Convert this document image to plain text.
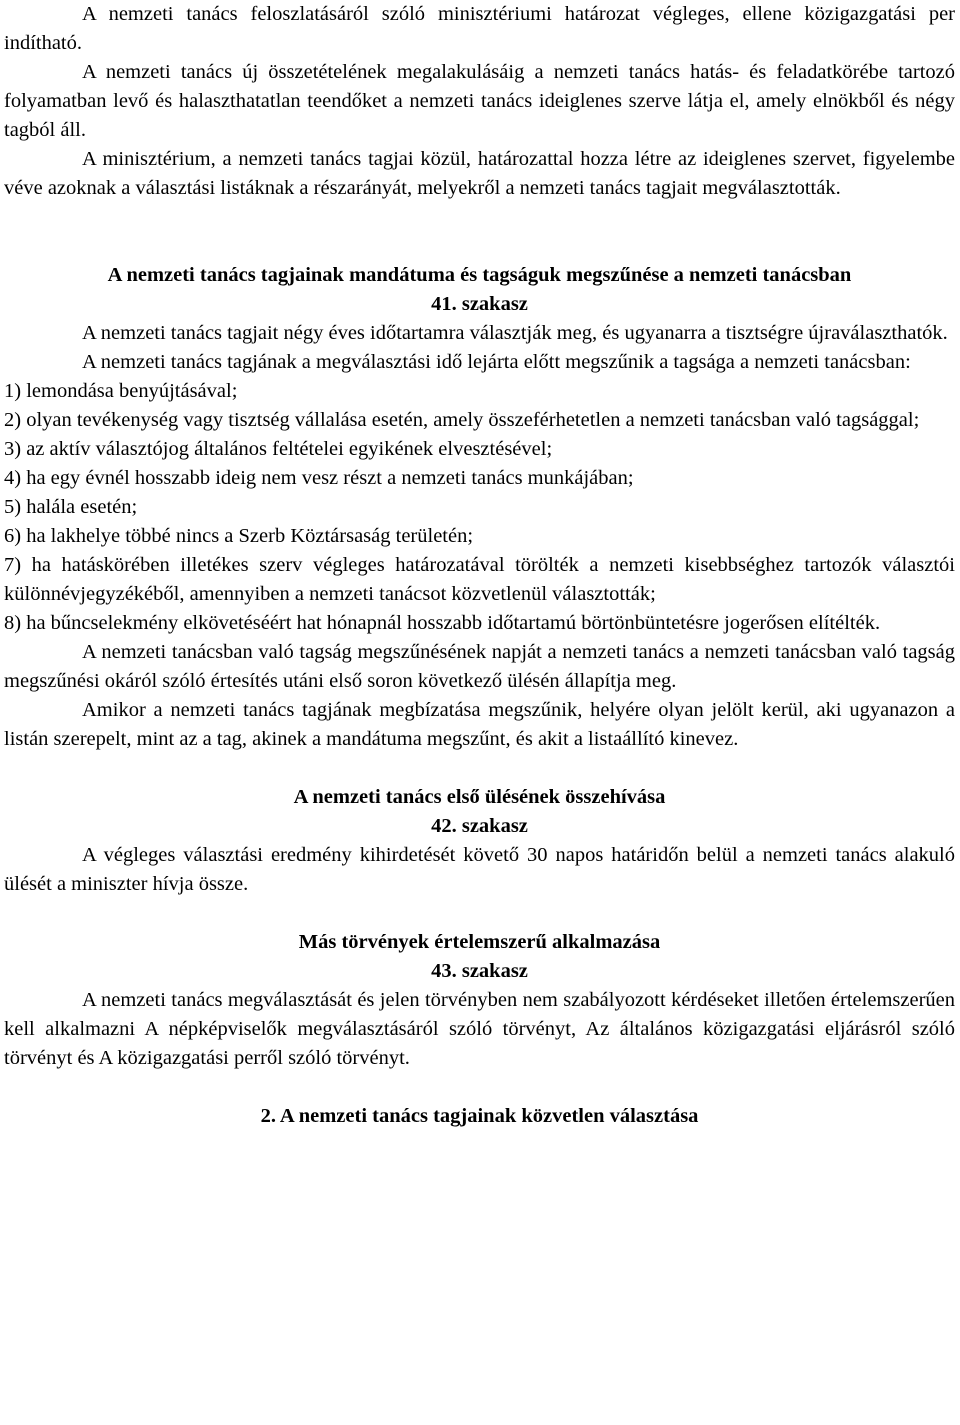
A nemzeti tanács feloszlatásáról szóló minisztériumi határozat végleges, ellene közigazgatási per indítható.

A nemzeti tanács új összetételének megalakulásáig a nemzeti tanács hatás- és feladatkörébe tartozó folyamatban levő és halaszthatatlan teendőket a nemzeti tanács ideiglenes szerve látja el, amely elnökből és négy tagból áll.

A minisztérium, a nemzeti tanács tagjai közül, határozattal hozza létre az ideiglenes szervet, figyelembe véve azoknak a választási listáknak a részarányát, melyekről a nemzeti tanács tagjait megválasztották.

A nemzeti tanács tagjainak mandátuma és tagságuk megszűnése a nemzeti tanácsban

41. szakasz

A nemzeti tanács tagjait négy éves időtartamra választják meg, és ugyanarra a tisztségre újraválaszthatók.

A nemzeti tanács tagjának a megválasztási idő lejárta előtt megszűnik a tagsága a nemzeti tanácsban:

1) lemondása benyújtásával;

2) olyan tevékenység vagy tisztség vállalása esetén, amely összeférhetetlen a nemzeti tanácsban való tagsággal;

3) az aktív választójog általános feltételei egyikének elvesztésével;

4) ha egy évnél hosszabb ideig nem vesz részt a nemzeti tanács munkájában;

5) halála esetén;

6) ha lakhelye többé nincs a Szerb Köztársaság területén;

7) ha hatáskörében illetékes szerv végleges határozatával törölték a nemzeti kisebbséghez tartozók választói különnévjegyzékéből, amennyiben a nemzeti tanácsot közvetlenül választották;

8) ha bűncselekmény elkövetéséért hat hónapnál hosszabb időtartamú börtönbüntetésre jogerősen elítélték.

A nemzeti tanácsban való tagság megszűnésének napját a nemzeti tanács a nemzeti tanácsban való tagság megszűnési okáról szóló értesítés utáni első soron következő ülésén állapítja meg.

Amikor a nemzeti tanács tagjának megbízatása megszűnik, helyére olyan jelölt kerül, aki ugyanazon a listán szerepelt, mint az a tag, akinek a mandátuma megszűnt, és akit a listaállító kinevez.

A nemzeti tanács első ülésének összehívása

42. szakasz

A végleges választási eredmény kihirdetését követő 30 napos határidőn belül a nemzeti tanács alakuló ülését a miniszter hívja össze.

Más törvények értelemszerű alkalmazása

43. szakasz

A nemzeti tanács megválasztását és jelen törvényben nem szabályozott kérdéseket illetően értelemszerűen kell alkalmazni A népképviselők megválasztásáról szóló törvényt, Az általános közigazgatási eljárásról szóló törvényt és A közigazgatási perről szóló törvényt.

2. A nemzeti tanács tagjainak közvetlen választása
